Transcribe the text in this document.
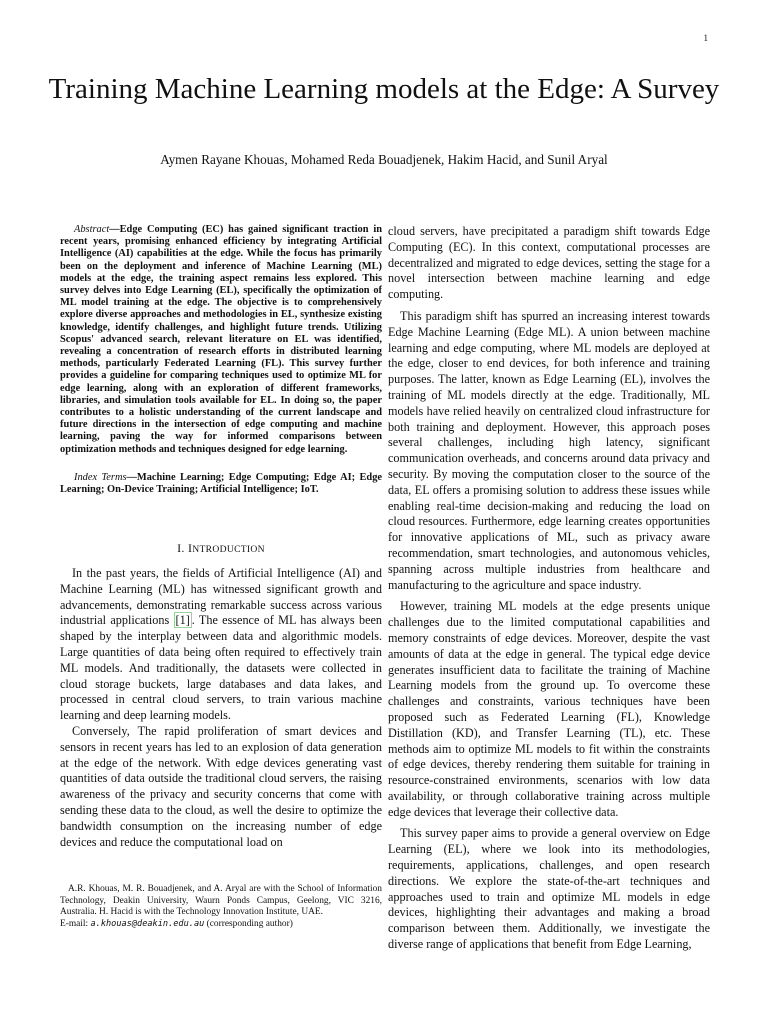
1
Training Machine Learning models at the Edge: A Survey
Aymen Rayane Khouas, Mohamed Reda Bouadjenek, Hakim Hacid, and Sunil Aryal

Abstract—Edge Computing (EC) has gained significant traction in recent years, promising enhanced efficiency by integrating Artificial Intelligence (AI) capabilities at the edge. While the focus has primarily been on the deployment and inference of Machine Learning (ML) models at the edge, the training aspect remains less explored. This survey delves into Edge Learning (EL), specifically the optimization of ML model training at the edge. The objective is to comprehensively explore diverse approaches and methodologies in EL, synthesize existing knowledge, identify challenges, and highlight future trends. Utilizing Scopus' advanced search, relevant literature on EL was identified, revealing a concentration of research efforts in distributed learning methods, particularly Federated Learning (FL). This survey further provides a guideline for comparing techniques used to optimize ML for edge learning, along with an exploration of different frameworks, libraries, and simulation tools available for EL. In doing so, the paper contributes to a holistic understanding of the current landscape and future directions in the intersection of edge computing and machine learning, paving the way for informed comparisons between optimization methods and techniques designed for edge learning.

Index Terms—Machine Learning; Edge Computing; Edge AI; Edge Learning; On-Device Training; Artificial Intelligence; IoT.

I. INTRODUCTION

In the past years, the fields of Artificial Intelligence (AI) and Machine Learning (ML) has witnessed significant growth and advancements, demonstrating remarkable success across various industrial applications [1] . The essence of ML has always been shaped by the interplay between data and algorithmic models. Large quantities of data being often required to effectively train ML models. And traditionally, the datasets were collected in cloud storage buckets, large databases and data lakes, and processed in central cloud servers, to train various machine learning and deep learning models.

Conversely, The rapid proliferation of smart devices and sensors in recent years has led to an explosion of data generation at the edge of the network. With edge devices generating vast quantities of data outside the traditional cloud servers, the raising awareness of the privacy and security concerns that come with sending these data to the cloud, as well the desire to optimize the bandwidth consumption on the increasing number of edge devices and reduce the computational load on

cloud servers, have precipitated a paradigm shift towards Edge Computing (EC). In this context, computational processes are decentralized and migrated to edge devices, setting the stage for a novel intersection between machine learning and edge computing.

This paradigm shift has spurred an increasing interest towards Edge Machine Learning (Edge ML). A union between machine learning and edge computing, where ML models are deployed at the edge, closer to end devices, for both inference and training purposes. The latter, known as Edge Learning (EL), involves the training of ML models directly at the edge. Traditionally, ML models have relied heavily on centralized cloud infrastructure for both training and deployment. However, this approach poses several challenges, including high latency, significant communication overheads, and concerns around data privacy and security. By moving the computation closer to the source of the data, EL offers a promising solution to address these issues while enabling real-time decision-making and reducing the load on cloud resources. Furthermore, edge learning creates opportunities for innovative applications of ML, such as privacy aware recommendation, smart technologies, and autonomous vehicles, spanning across multiple industries from healthcare and manufacturing to the agriculture and space industry.

However, training ML models at the edge presents unique challenges due to the limited computational capabilities and memory constraints of edge devices. Moreover, despite the vast amounts of data at the edge in general. The typical edge device generates insufficient data to facilitate the training of Machine Learning models from the ground up. To overcome these challenges and constraints, various techniques have been proposed such as Federated Learning (FL), Knowledge Distillation (KD), and Transfer Learning (TL), etc. These methods aim to optimize ML models to fit within the constraints of edge devices, thereby rendering them suitable for training in resource-constrained environments, scenarios with low data availability, or through collaborative training across multiple edge devices that leverage their collective data.

This survey paper aims to provide a general overview on Edge Learning (EL), where we look into its methodologies, requirements, applications, challenges, and open research directions. We explore the state-of-the-art techniques and approaches used to train and optimize ML models in edge devices, highlighting their advantages and making a broad comparison between them. Additionally, we investigate the diverse range of applications that benefit from Edge Learning,

A.R. Khouas, M. R. Bouadjenek, and A. Aryal are with the School of Information Technology, Deakin University, Waurn Ponds Campus, Geelong, VIC 3216, Australia. H. Hacid is with the Technology Innovation Institute, UAE.

E-mail: a.khouas@deakin.edu.au (corresponding author)
